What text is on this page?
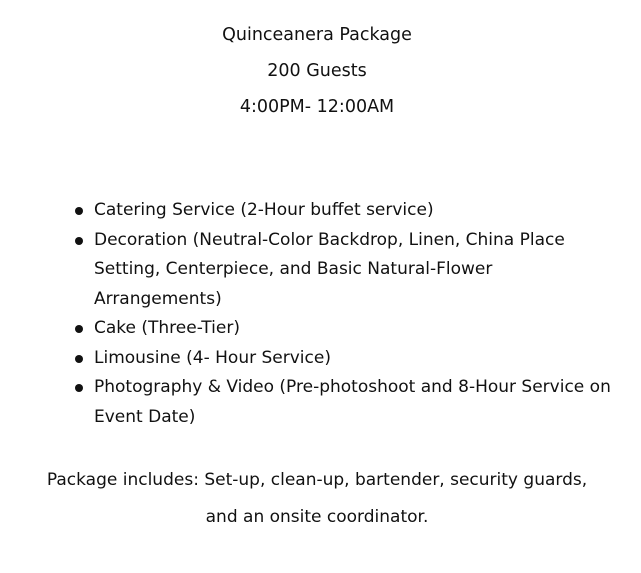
Quinceanera Package
200 Guests
4:00PM- 12:00AM
Catering Service (2-Hour buffet service)
Decoration (Neutral-Color Backdrop, Linen, China Place Setting, Centerpiece, and Basic Natural-Flower Arrangements)
Cake (Three-Tier)
Limousine (4- Hour Service)
Photography & Video (Pre-photoshoot and 8-Hour Service on Event Date)
Package includes: Set-up, clean-up, bartender, security guards,
and an onsite coordinator.
